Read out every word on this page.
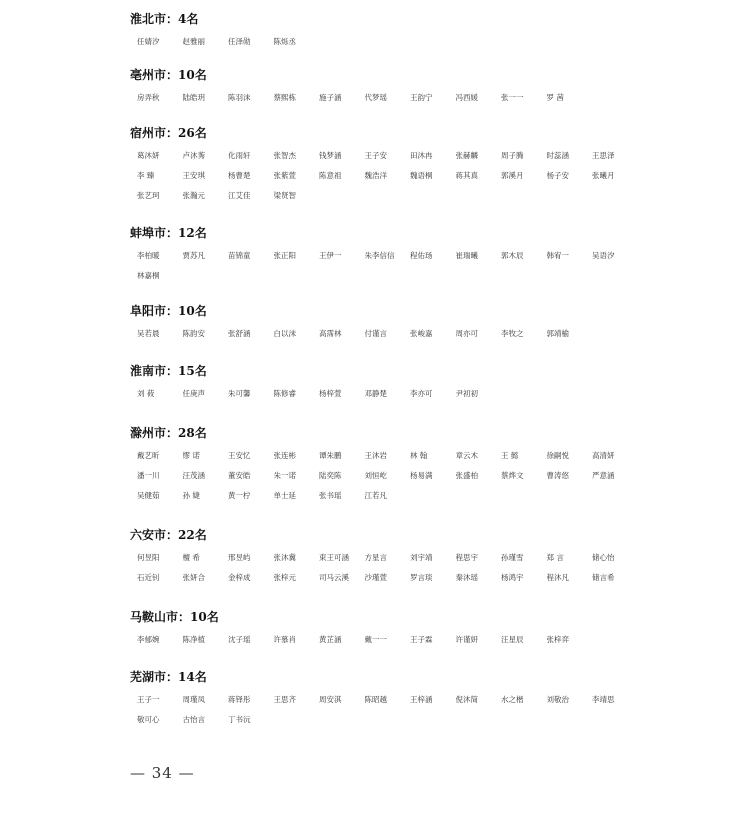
淮北市：4名
任婧汐	赵雅丽	任泽勋	陈烁丞
亳州市：10名
房弄秋	陆皓玥	陈羽沫	蔡熙栋	施子涵	代梦瑶	王韵宁	冯西媛	张一一	罗 茜
宿州市：26名
葛沐妍	卢沐莠	化雨轩	张智杰	钱梦涵	王子安	田沐冉	张赫麟	周子腾	时蕊涵	王思泽
李 臻	王安琪	杨曹楚	张紫萱	陈意祖	魏浩洋	魏语桐	蒋其真	郭溪月	杨子安	张曦月
张艺珂	张瀚元	江艾佳	梁贤智
蚌埠市：12名
李柏暖	贾苏凡	苗锦童	张正阳	王伊一	朱李信信	程佑玚	崔瑞曦	郭木辰	韩宥一	吴语汐
林嘉桐
阜阳市：10名
吴若晨	陈韵安	张舒涵	白以沫	高霈林	付谨言	张峻嘉	周亦可	李牧之	郭靖榆
淮南市：15名
刘 莜	任庚声	朱可馨	陈修睿	杨梓萱	邓静楚	李亦可	尹初初
滁州市：28名
戴艺昕	缪 诺	王安忆	张连彬	谭朱鹏	王沐岩	林 翰	章云木	王 懿	徐嗣悦	高清妍
潘一川	汪茂涵	董安皓	朱一诺	陆奕陈	刘恒屹	杨易满	张盛柏	蔡烨文	曹涛悠	严意涵
吴健茹	孙 婕	黄一柠	单士延	张书瑶	江若凡
六安市：22名
何昱阳	檀 希	邢昱屿	张沐冀	束王可涵	方星言	刘宇靖	程思宇	孙瑾雪	郑 言	储心怡
石近钊	张妍合	金梓成	张梓元	司马云溪	沙瑾萱	罗言琰	秦沐瑶	杨鸿宇	程沐凡	储言希
马鞍山市：10名
李郁婉	陈净植	沈子瑶	许慕肖	黄芷涵	戴一一	王子霖	许谨妍	汪星辰	张梓弈
芜湖市：14名
王子一	周瑾凤	蒋铎彤	王思齐	周安淇	陈昭越	王梓涵	倪沐简	水之楷	刘敬治	李靖思
敬可心	古怡言	丁书沅
— 34 —
